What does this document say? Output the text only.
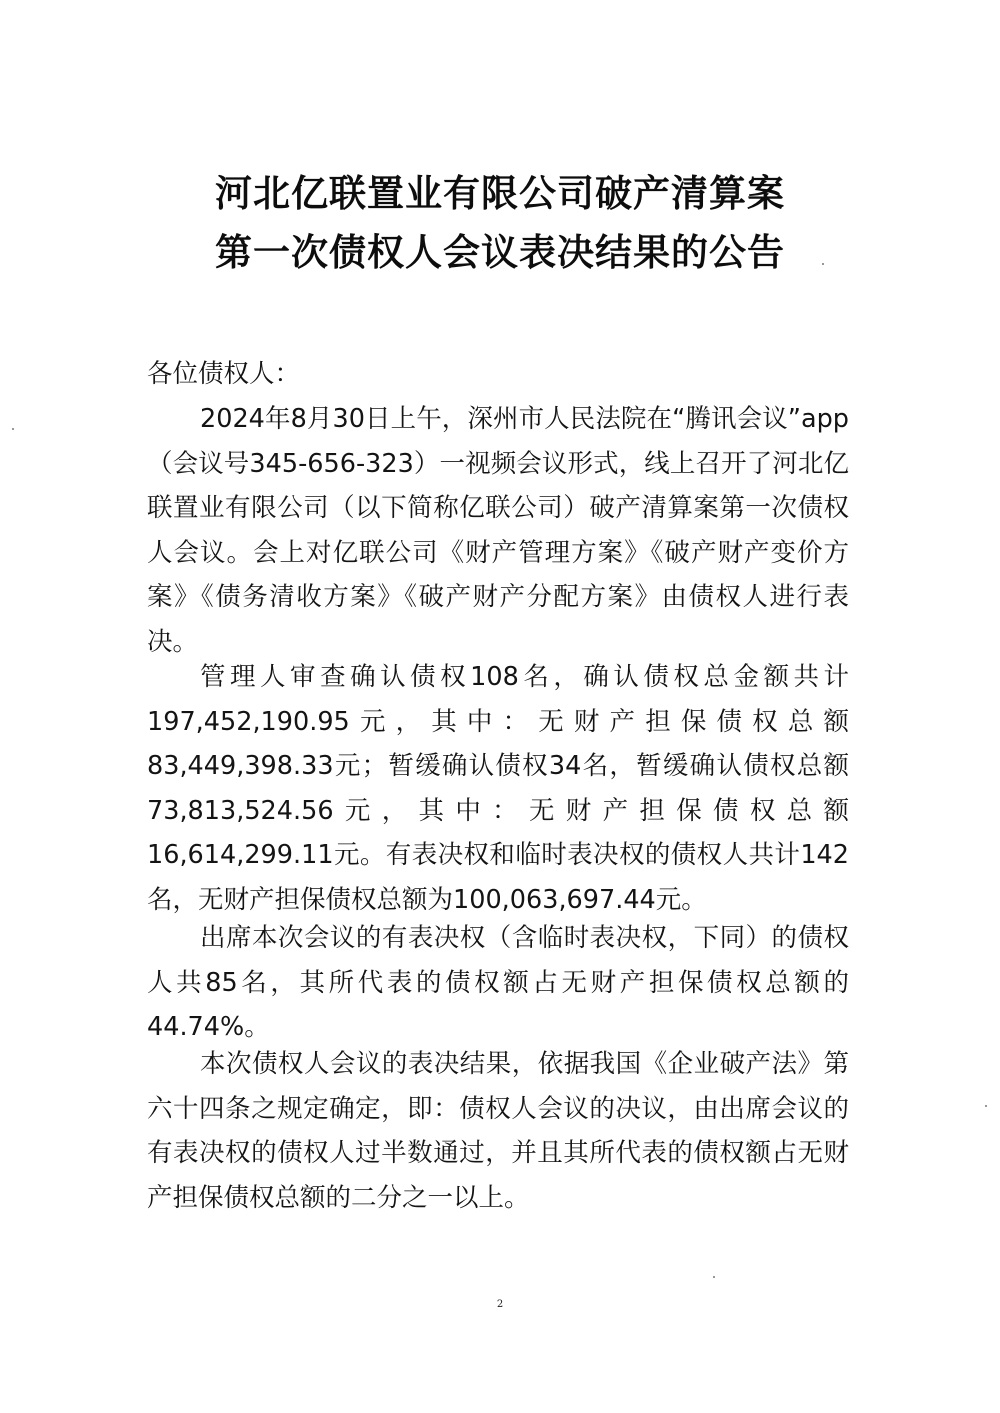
河北亿联置业有限公司破产清算案
第一次债权人会议表决结果的公告
各位债权人：

2024年8月30日上午，深州市人民法院在“腾讯会议”app（会议号345-656-323）一视频会议形式，线上召开了河北亿联置业有限公司（以下简称亿联公司）破产清算案第一次债权人会议。会上对亿联公司《财产管理方案》《破产财产变价方案》《债务清收方案》《破产财产分配方案》由债权人进行表决。

管理人审查确认债权108名，确认债权总金额共计197,452,190.95元，其中：无财产担保债权总额83,449,398.33元；暂缓确认债权34名，暂缓确认债权总额73,813,524.56元，其中：无财产担保债权总额16,614,299.11元。有表决权和临时表决权的债权人共计142名，无财产担保债权总额为100,063,697.44元。

出席本次会议的有表决权（含临时表决权，下同）的债权人共85名，其所代表的债权额占无财产担保债权总额的44.74%。

本次债权人会议的表决结果，依据我国《企业破产法》第六十四条之规定确定，即：债权人会议的决议，由出席会议的有表决权的债权人过半数通过，并且其所代表的债权额占无财产担保债权总额的二分之一以上。

2
